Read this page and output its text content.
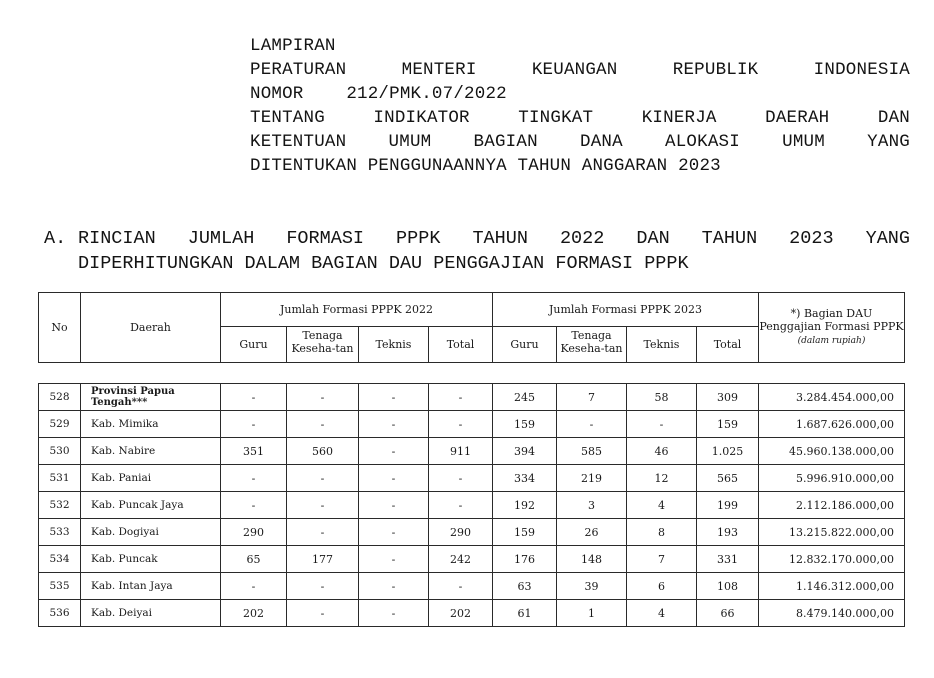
LAMPIRAN
PERATURAN MENTERI KEUANGAN REPUBLIK INDONESIA
NOMOR    212/PMK.07/2022
TENTANG INDIKATOR TINGKAT KINERJA DAERAH DAN
KETENTUAN UMUM BAGIAN DANA ALOKASI UMUM YANG
DITENTUKAN PENGGUNAANNYA TAHUN ANGGARAN 2023
A. RINCIAN JUMLAH FORMASI PPPK TAHUN 2022 DAN TAHUN 2023 YANG
DIPERHITUNGKAN DALAM BAGIAN DAU PENGGAJIAN FORMASI PPPK
No	Daerah	Jumlah Formasi PPPK 2022				Jumlah Formasi PPPK 2023				*) Bagian DAU Penggajian Formasi PPPK
(dalam rupiah)
		Guru	Tenaga Keseha-tan	Teknis	Total	Guru	Tenaga Keseha-tan	Teknis	Total	
528	Provinsi Papua Tengah***	-	-	-	-	245	7	58	309	3.284.454.000,00
529	Kab. Mimika	-	-	-	-	159	-	-	159	1.687.626.000,00
530	Kab. Nabire	351	560	-	911	394	585	46	1.025	45.960.138.000,00
531	Kab. Paniai	-	-	-	-	334	219	12	565	5.996.910.000,00
532	Kab. Puncak Jaya	-	-	-	-	192	3	4	199	2.112.186.000,00
533	Kab. Dogiyai	290	-	-	290	159	26	8	193	13.215.822.000,00
534	Kab. Puncak	65	177	-	242	176	148	7	331	12.832.170.000,00
535	Kab. Intan Jaya	-	-	-	-	63	39	6	108	1.146.312.000,00
536	Kab. Deiyai	202	-	-	202	61	1	4	66	8.479.140.000,00
